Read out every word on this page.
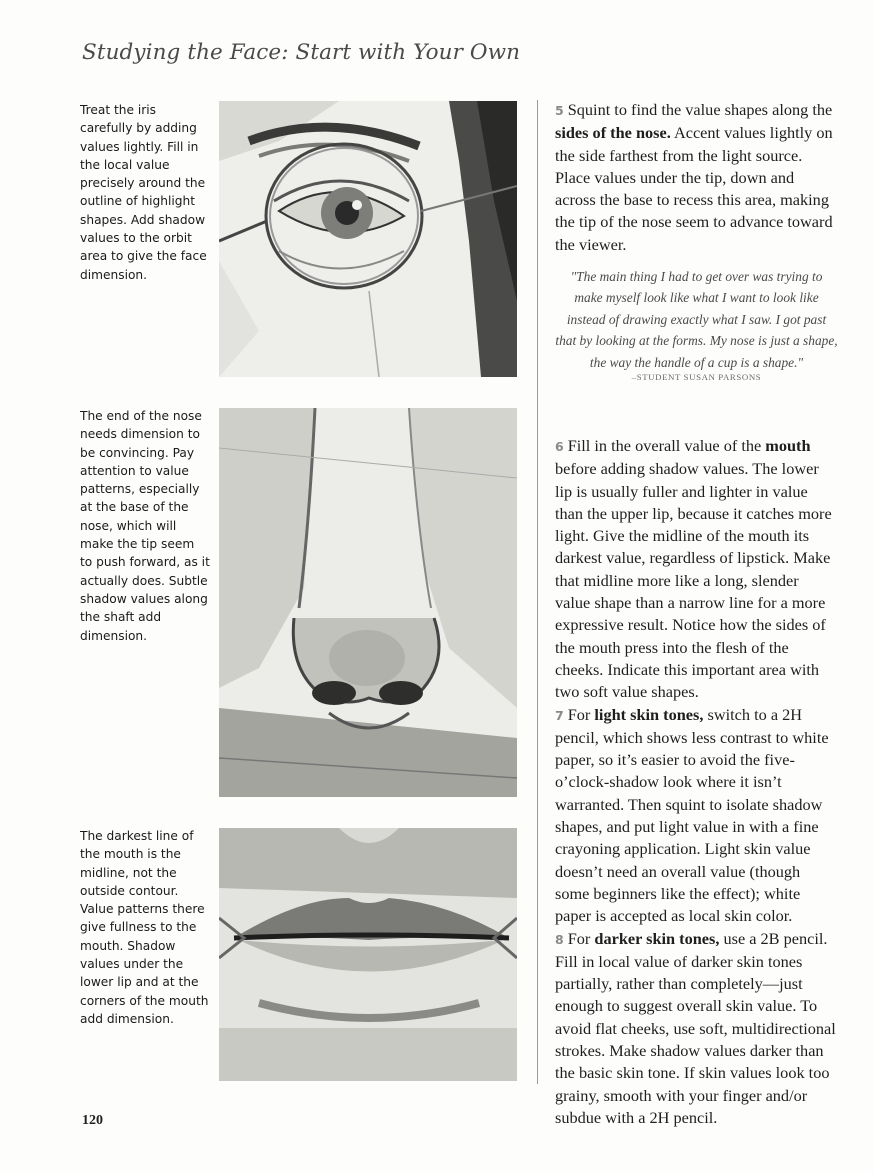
Studying the Face: Start with Your Own
Treat the iris carefully by adding values lightly. Fill in the local value precisely around the outline of highlight shapes. Add shadow values to the orbit area to give the face dimension.
The end of the nose needs dimension to be convincing. Pay attention to value patterns, especially at the base of the nose, which will make the tip seem to push forward, as it actually does. Subtle shadow values along the shaft add dimension.
The darkest line of the mouth is the midline, not the outside contour. Value patterns there give fullness to the mouth. Shadow values under the lower lip and at the corners of the mouth add dimension.

5 Squint to find the value shapes along the sides of the nose. Accent values lightly on the side farthest from the light source. Place values under the tip, down and across the base to recess this area, making the tip of the nose seem to advance toward the viewer.

"The main thing I had to get over was trying to make myself look like what I want to look like instead of drawing exactly what I saw. I got past that by looking at the forms. My nose is just a shape, the way the handle of a cup is a shape."
–STUDENT SUSAN PARSONS

6 Fill in the overall value of the mouth before adding shadow values. The lower lip is usually fuller and lighter in value than the upper lip, because it catches more light. Give the midline of the mouth its darkest value, regardless of lipstick. Make that midline more like a long, slender value shape than a narrow line for a more expressive result. Notice how the sides of the mouth press into the flesh of the cheeks. Indicate this important area with two soft value shapes.

7 For light skin tones, switch to a 2H pencil, which shows less contrast to white paper, so it’s easier to avoid the five-o’clock-shadow look where it isn’t warranted. Then squint to isolate shadow shapes, and put light value in with a fine crayoning application. Light skin value doesn’t need an overall value (though some beginners like the effect); white paper is accepted as local skin color.

8 For darker skin tones, use a 2B pencil. Fill in local value of darker skin tones partially, rather than completely—just enough to suggest overall skin value. To avoid flat cheeks, use soft, multidirectional strokes. Make shadow values darker than the basic skin tone. If skin values look too grainy, smooth with your finger and/or subdue with a 2H pencil.

120
